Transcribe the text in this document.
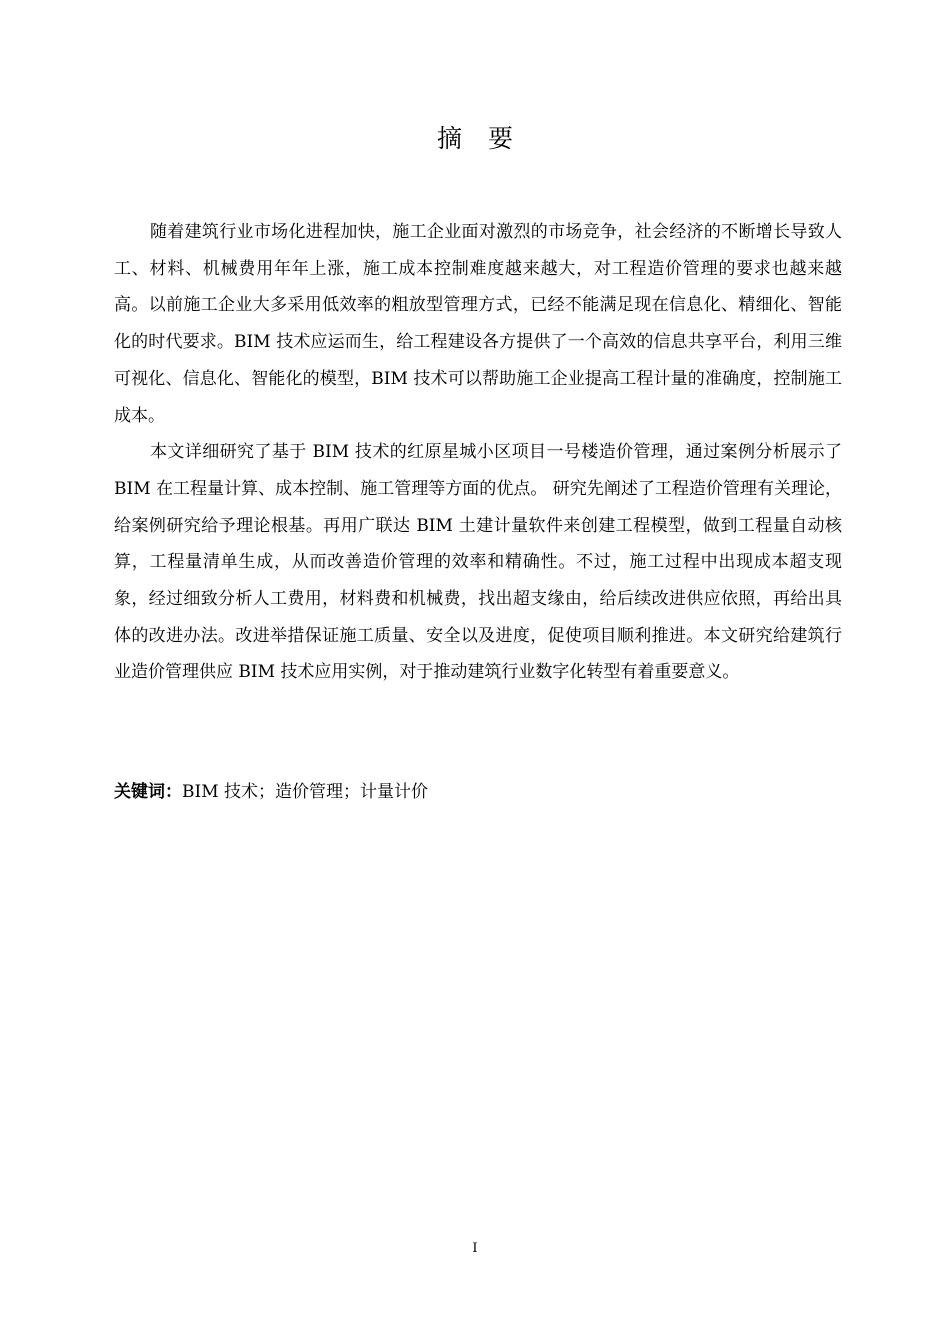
摘要

随着建筑行业市场化进程加快，施工企业面对激烈的市场竞争，社会经济的不断增长导致人工、材料、机械费用年年上涨，施工成本控制难度越来越大，对工程造价管理的要求也越来越高。以前施工企业大多采用低效率的粗放型管理方式，已经不能满足现在信息化、精细化、智能化的时代要求。BIM 技术应运而生，给工程建设各方提供了一个高效的信息共享平台，利用三维可视化、信息化、智能化的模型，BIM 技术可以帮助施工企业提高工程计量的准确度，控制施工成本。

本文详细研究了基于 BIM 技术的红原星城小区项目一号楼造价管理，通过案例分析展示了 BIM 在工程量计算、成本控制、施工管理等方面的优点。 研究先阐述了工程造价管理有关理论，给案例研究给予理论根基。再用广联达 BIM 土建计量软件来创建工程模型，做到工程量自动核算，工程量清单生成，从而改善造价管理的效率和精确性。不过，施工过程中出现成本超支现象，经过细致分析人工费用，材料费和机械费，找出超支缘由，给后续改进供应依照，再给出具体的改进办法。改进举措保证施工质量、安全以及进度，促使项目顺利推进。本文研究给建筑行业造价管理供应 BIM 技术应用实例，对于推动建筑行业数字化转型有着重要意义。

关键词：BIM 技术；造价管理；计量计价
I
